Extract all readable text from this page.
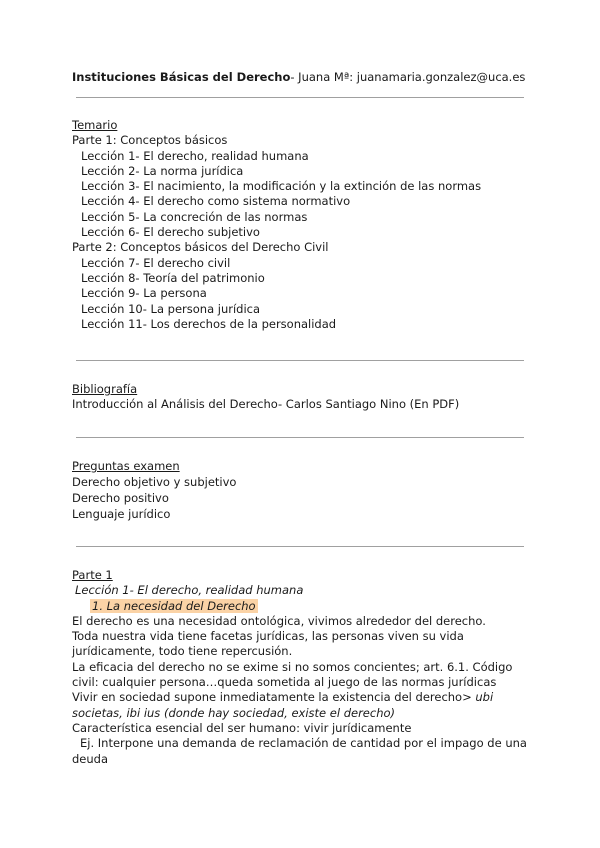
Instituciones Básicas del Derecho- Juana Mª: juanamaria.gonzalez@uca.es
Temario
Parte 1: Conceptos básicos
Lección 1- El derecho, realidad humana
Lección 2- La norma jurídica
Lección 3- El nacimiento, la modificación y la extinción de las normas
Lección 4- El derecho como sistema normativo
Lección 5- La concreción de las normas
Lección 6- El derecho subjetivo
Parte 2: Conceptos básicos del Derecho Civil
Lección 7- El derecho civil
Lección 8- Teoría del patrimonio
Lección 9- La persona
Lección 10- La persona jurídica
Lección 11- Los derechos de la personalidad
Bibliografía
Introducción al Análisis del Derecho- Carlos Santiago Nino (En PDF)
Preguntas examen
Derecho objetivo y subjetivo
Derecho positivo
Lenguaje jurídico
Parte 1
Lección 1- El derecho, realidad humana
1. La necesidad del Derecho
El derecho es una necesidad ontológica, vivimos alrededor del derecho.
Toda nuestra vida tiene facetas jurídicas, las personas viven su vida
jurídicamente, todo tiene repercusión.
La eficacia del derecho no se exime si no somos concientes; art. 6.1. Código
civil: cualquier persona…queda sometida al juego de las normas jurídicas
Vivir en sociedad supone inmediatamente la existencia del derecho> ubi
societas, ibi ius (donde hay sociedad, existe el derecho)
Característica esencial del ser humano: vivir jurídicamente
Ej. Interpone una demanda de reclamación de cantidad por el impago de una
deuda
